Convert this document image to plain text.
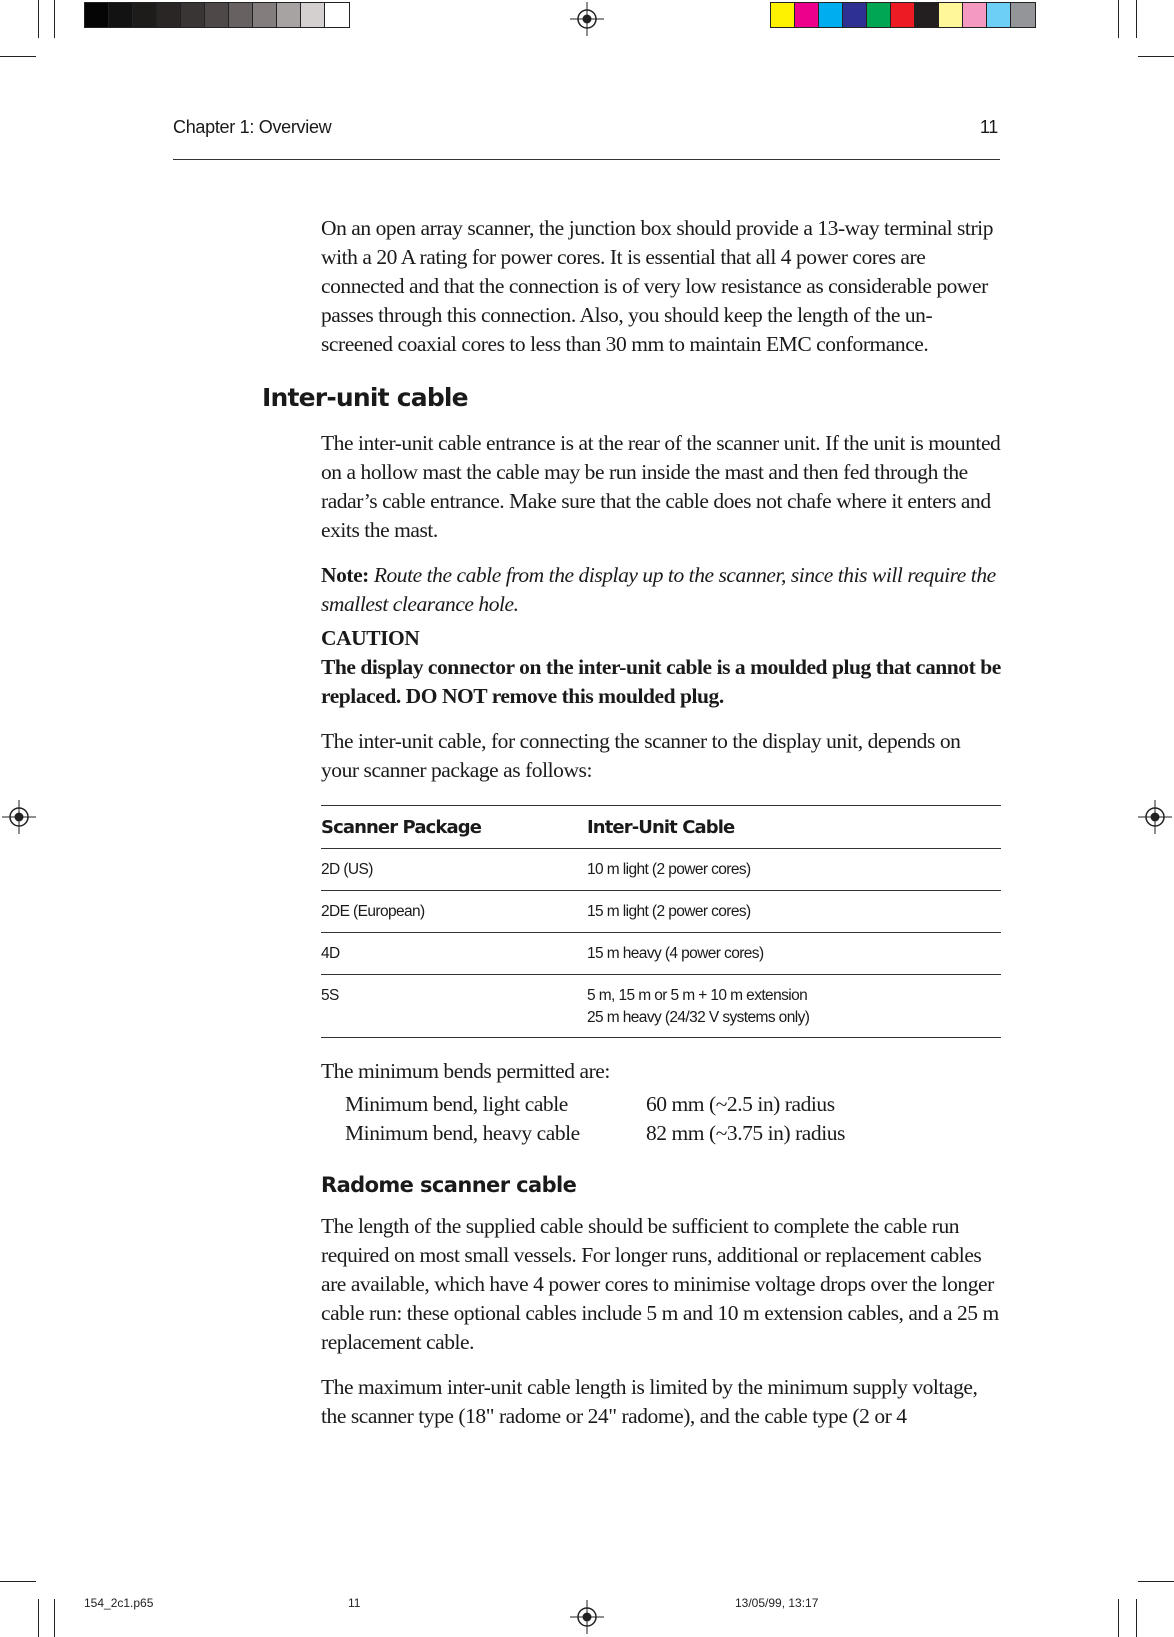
Chapter 1: Overview	11

On an open array scanner, the junction box should provide a 13-way terminal strip with a 20 A rating for power cores. It is essential that all 4 power cores are connected and that the connection is of very low resistance as considerable power passes through this connection. Also, you should keep the length of the un-screened coaxial cores to less than 30 mm to maintain EMC conformance.

Inter-unit cable

The inter-unit cable entrance is at the rear of the scanner unit. If the unit is mounted on a hollow mast the cable may be run inside the mast and then fed through the radar’s cable entrance. Make sure that the cable does not chafe where it enters and exits the mast.

Note: Route the cable from the display up to the scanner, since this will require the smallest clearance hole.

CAUTION

The display connector on the inter-unit cable is a moulded plug that cannot be replaced. DO NOT remove this moulded plug.

The inter-unit cable, for connecting the scanner to the display unit, depends on your scanner package as follows:

Scanner Package	Inter-Unit Cable
2D (US)	10 m light (2 power cores)
2DE (European)	15 m light (2 power cores)
4D	15 m heavy (4 power cores)
5S	5 m, 15 m or 5 m + 10 m extension
25 m heavy (24/32 V systems only)

The minimum bends permitted are:

Minimum bend, light cable	60 mm (~2.5 in) radius
Minimum bend, heavy cable	82 mm (~3.75 in) radius
Radome scanner cable

The length of the supplied cable should be sufficient to complete the cable run required on most small vessels. For longer runs, additional or replacement cables are available, which have 4 power cores to minimise voltage drops over the longer cable run: these optional cables include 5 m and 10 m extension cables, and a 25 m replacement cable.

The maximum inter-unit cable length is limited by the minimum supply voltage, the scanner type (18" radome or 24" radome), and the cable type (2 or 4

154_2c1.p65	11	13/05/99, 13:17
